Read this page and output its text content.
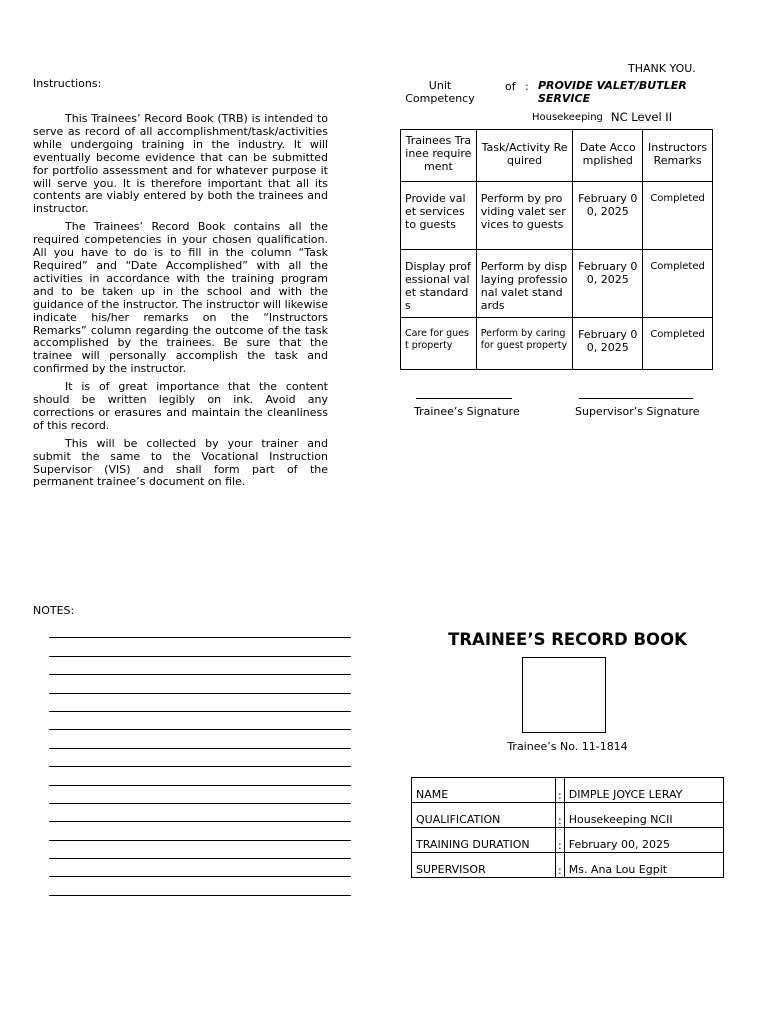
Instructions:

This Trainees’ Record Book (TRB) is intended to serve as record of all accomplishment/task/activities while undergoing training in the industry. It will eventually become evidence that can be submitted for portfolio assessment and for whatever purpose it will serve you. It is therefore important that all its contents are viably entered by both the trainees and instructor.

The Trainees’ Record Book contains all the required competencies in your chosen qualification. All you have to do is to fill in the column “Task Required” and “Date Accomplished” with all the activities in accordance with the training program and to be taken up in the school and with the guidance of the instructor. The instructor will likewise indicate his/her remarks on the “Instructors Remarks” column regarding the outcome of the task accomplished by the trainees. Be sure that the trainee will personally accomplish the task and confirmed by the instructor.

It is of great importance that the content should be written legibly on ink. Avoid any corrections or erasures and maintain the cleanliness of this record.

This will be collected by your trainer and submit the same to the Vocational Instruction Supervisor (VIS) and shall form part of the permanent trainee’s document on file.

NOTES:
THANK YOU.
Unit Competency
of : PROVIDE VALET/BUTLER SERVICE
Housekeeping NC Level II
Trainees Trainee requirement	Task/Activity Required	Date Accomplished	Instructors Remarks
Provide valet services to guests	Perform by providing valet services to guests	February 00, 2025	Completed
Display professional valet standards	Perform by displaying professional valet standards	February 00, 2025	Completed
Care for guest property	Perform by caring for guest property	February 00, 2025	Completed
Trainee’s Signature	Supervisor’s Signature
TRAINEE’S RECORD BOOK
Trainee’s No. 11-1814
NAME	:	DIMPLE JOYCE LERAY
QUALIFICATION	:	Housekeeping NCII
TRAINING DURATION	:	February 00, 2025
SUPERVISOR	:	Ms. Ana Lou Egpit
